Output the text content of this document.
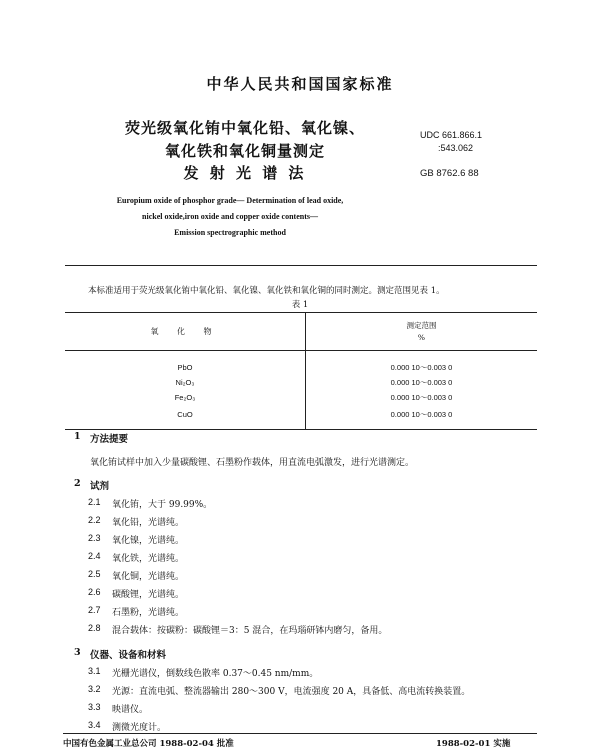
中华人民共和国国家标准
荧光级氧化铕中氧化铅、氧化镍、
氧化铁和氧化铜量测定
发 射 光 谱 法
UDC 661.866.1
:543.062
GB 8762.6 88
Europium oxide of phosphor grade— Determination of lead oxide,
nickel oxide,iron oxide and copper oxide contents—
Emission spectrographic method
本标准适用于荧光级氧化铕中氧化铅、氧化镍、氧化铁和氧化铜的同时测定。测定范围见表 1。
表 1
氧 化 物	测定范围
%

PbO	0.000 10～0.003 0
Ni₂O₃	0.000 10～0.003 0
Fe₂O₃	0.000 10～0.003 0
CuO	0.000 10～0.003 0
1 方法提要
氧化铕试样中加入少量碳酸锂、石墨粉作载体，用直流电弧激发，进行光谱测定。
2 试剂
2.1 氧化铕，大于 99.99%。
2.2 氧化铅，光谱纯。
2.3 氧化镍，光谱纯。
2.4 氧化铁，光谱纯。
2.5 氧化铜，光谱纯。
2.6 碳酸锂，光谱纯。
2.7 石墨粉，光谱纯。
2.8 混合载体：按碳粉：碳酸锂＝3：5 混合，在玛瑙研钵内磨匀，备用。
3 仪器、设备和材料
3.1 光栅光谱仪，倒数线色散率 0.37～0.45 nm/mm。
3.2 光源：直流电弧、整流器输出 280～300 V，电流强度 20 A，具备低、高电流转换装置。
3.3 映谱仪。
3.4 测微光度计。
中国有色金属工业总公司 1988-02-04 批准	1988-02-01 实施
